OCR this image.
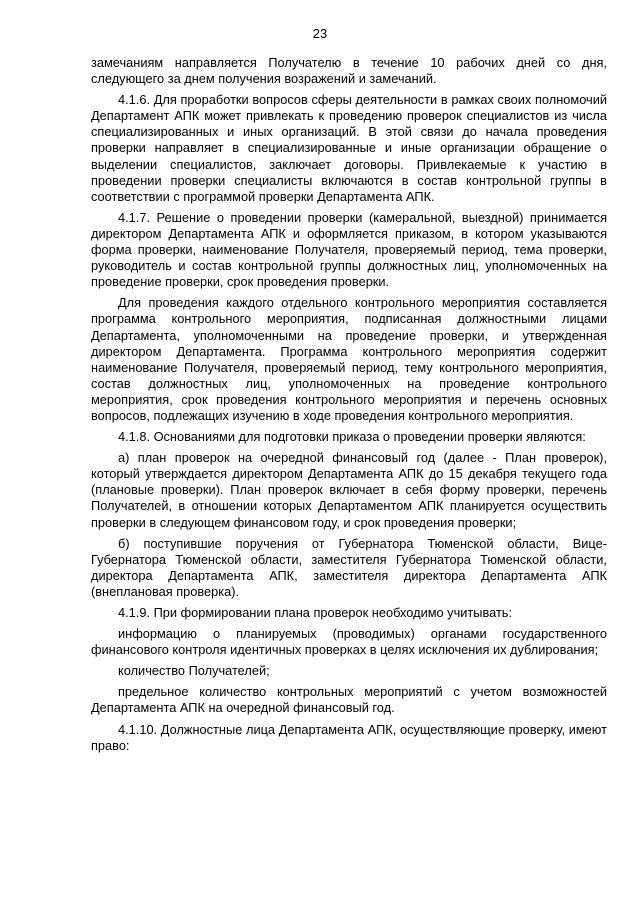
23

замечаниям направляется Получателю в течение 10 рабочих дней со дня, следующего за днем получения возражений и замечаний.

4.1.6. Для проработки вопросов сферы деятельности в рамках своих полномочий Департамент АПК может привлекать к проведению проверок специалистов из числа специализированных и иных организаций. В этой связи до начала проведения проверки направляет в специализированные и иные организации обращение о выделении специалистов, заключает договоры. Привлекаемые к участию в проведении проверки специалисты включаются в состав контрольной группы в соответствии с программой проверки Департамента АПК.

4.1.7. Решение о проведении проверки (камеральной, выездной) принимается директором Департамента АПК и оформляется приказом, в котором указываются форма проверки, наименование Получателя, проверяемый период, тема проверки, руководитель и состав контрольной группы должностных лиц, уполномоченных на проведение проверки, срок проведения проверки.

Для проведения каждого отдельного контрольного мероприятия составляется программа контрольного мероприятия, подписанная должностными лицами Департамента, уполномоченными на проведение проверки, и утвержденная директором Департамента. Программа контрольного мероприятия содержит наименование Получателя, проверяемый период, тему контрольного мероприятия, состав должностных лиц, уполномоченных на проведение контрольного мероприятия, срок проведения контрольного мероприятия и перечень основных вопросов, подлежащих изучению в ходе проведения контрольного мероприятия.

4.1.8. Основаниями для подготовки приказа о проведении проверки являются:

а) план проверок на очередной финансовый год (далее - План проверок), который утверждается директором Департамента АПК до 15 декабря текущего года (плановые проверки). План проверок включает в себя форму проверки, перечень Получателей, в отношении которых Департаментом АПК планируется осуществить проверки в следующем финансовом году, и срок проведения проверки;

б) поступившие поручения от Губернатора Тюменской области, Вице-Губернатора Тюменской области, заместителя Губернатора Тюменской области, директора Департамента АПК, заместителя директора Департамента АПК (внеплановая проверка).

4.1.9. При формировании плана проверок необходимо учитывать:

информацию о планируемых (проводимых) органами государственного финансового контроля идентичных проверках в целях исключения их дублирования;

количество Получателей;

предельное количество контрольных мероприятий с учетом возможностей Департамента АПК на очередной финансовый год.

4.1.10. Должностные лица Департамента АПК, осуществляющие проверку, имеют право:
